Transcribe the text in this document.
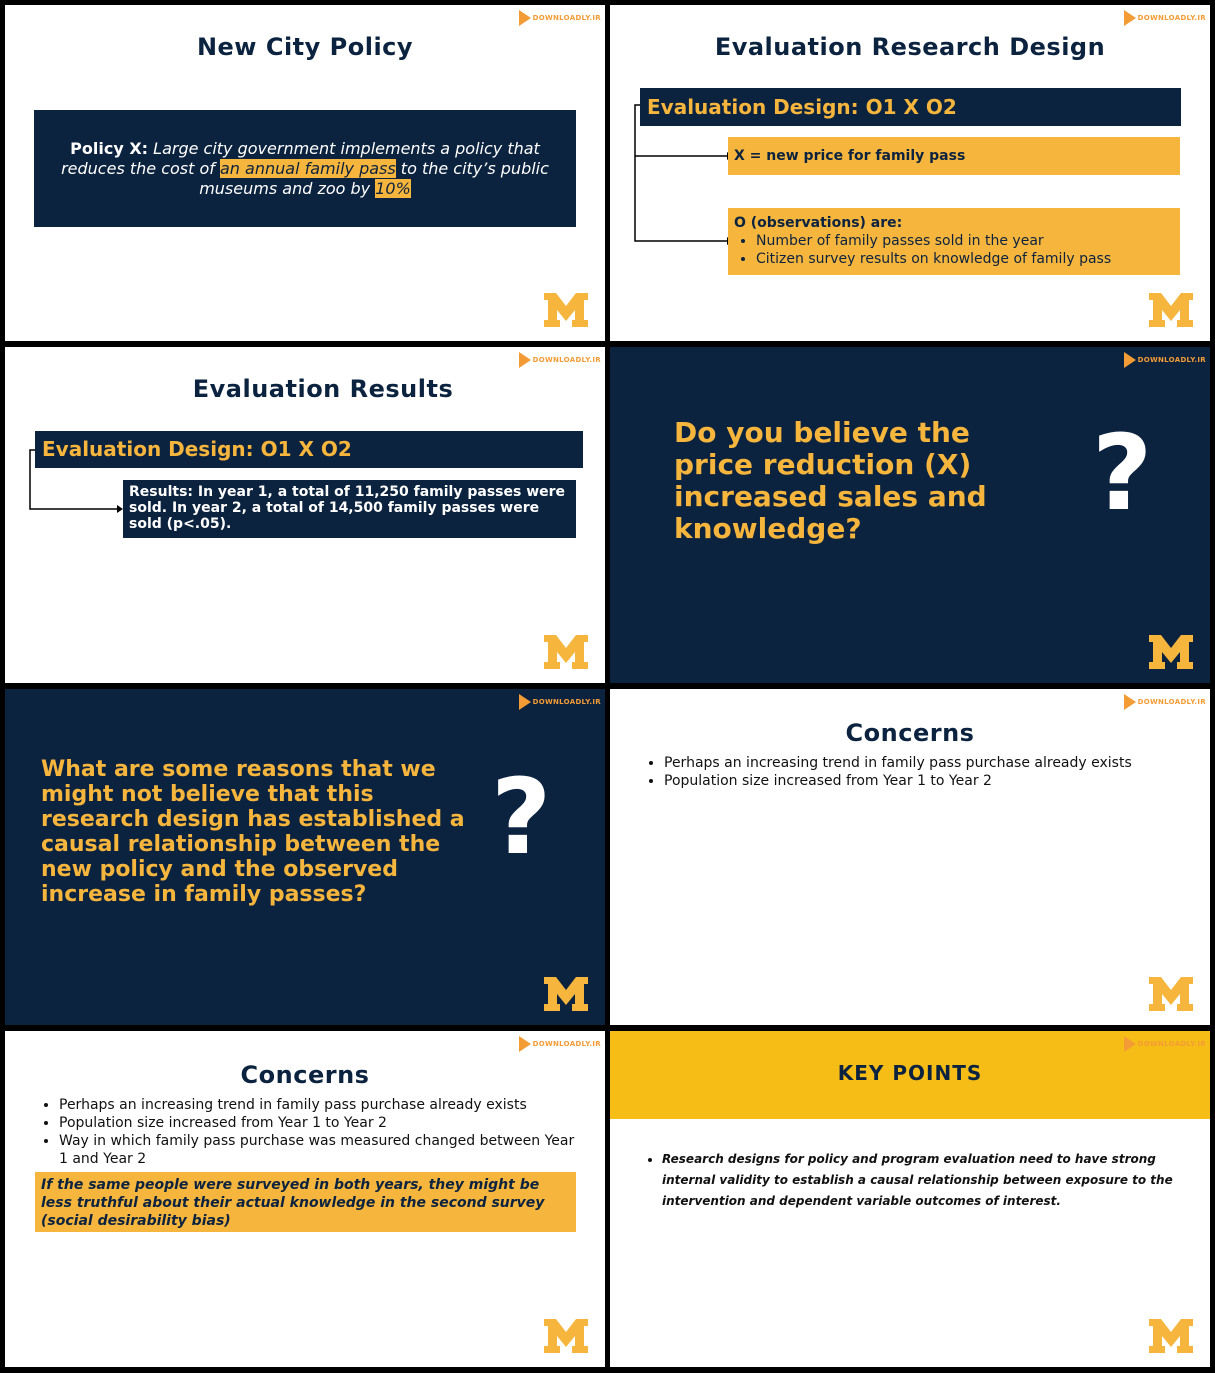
DOWNLOADLY.IR
New City Policy
Policy X: Large city government implements a policy that reduces the cost of an annual family pass to the city’s public museums and zoo by 10%
DOWNLOADLY.IR
Evaluation Research Design
Evaluation Design: O1 X O2
X = new price for family pass
O (observations) are:
• Number of family passes sold in the year
• Citizen survey results on knowledge of family pass
DOWNLOADLY.IR
Evaluation Results
Evaluation Design: O1 X O2
Results: In year 1, a total of 11,250 family passes were sold. In year 2, a total of 14,500 family passes were sold (p<.05).
DOWNLOADLY.IR
Do you believe the price reduction (X) increased sales and knowledge?	?
DOWNLOADLY.IR
What are some reasons that we might not believe that this research design has established a causal relationship between the new policy and the observed increase in family passes?
?
DOWNLOADLY.IR
Concerns
• Perhaps an increasing trend in family pass purchase already exists
• Population size increased from Year 1 to Year 2
DOWNLOADLY.IR
Concerns
• Perhaps an increasing trend in family pass purchase already exists
• Population size increased from Year 1 to Year 2
• Way in which family pass purchase was measured changed between Year 1 and Year 2
If the same people were surveyed in both years, they might be less truthful about their actual knowledge in the second survey (social desirability bias)
KEY POINTS
DOWNLOADLY.IR
• Research designs for policy and program evaluation need to have strong internal validity to establish a causal relationship between exposure to the intervention and dependent variable outcomes of interest.
